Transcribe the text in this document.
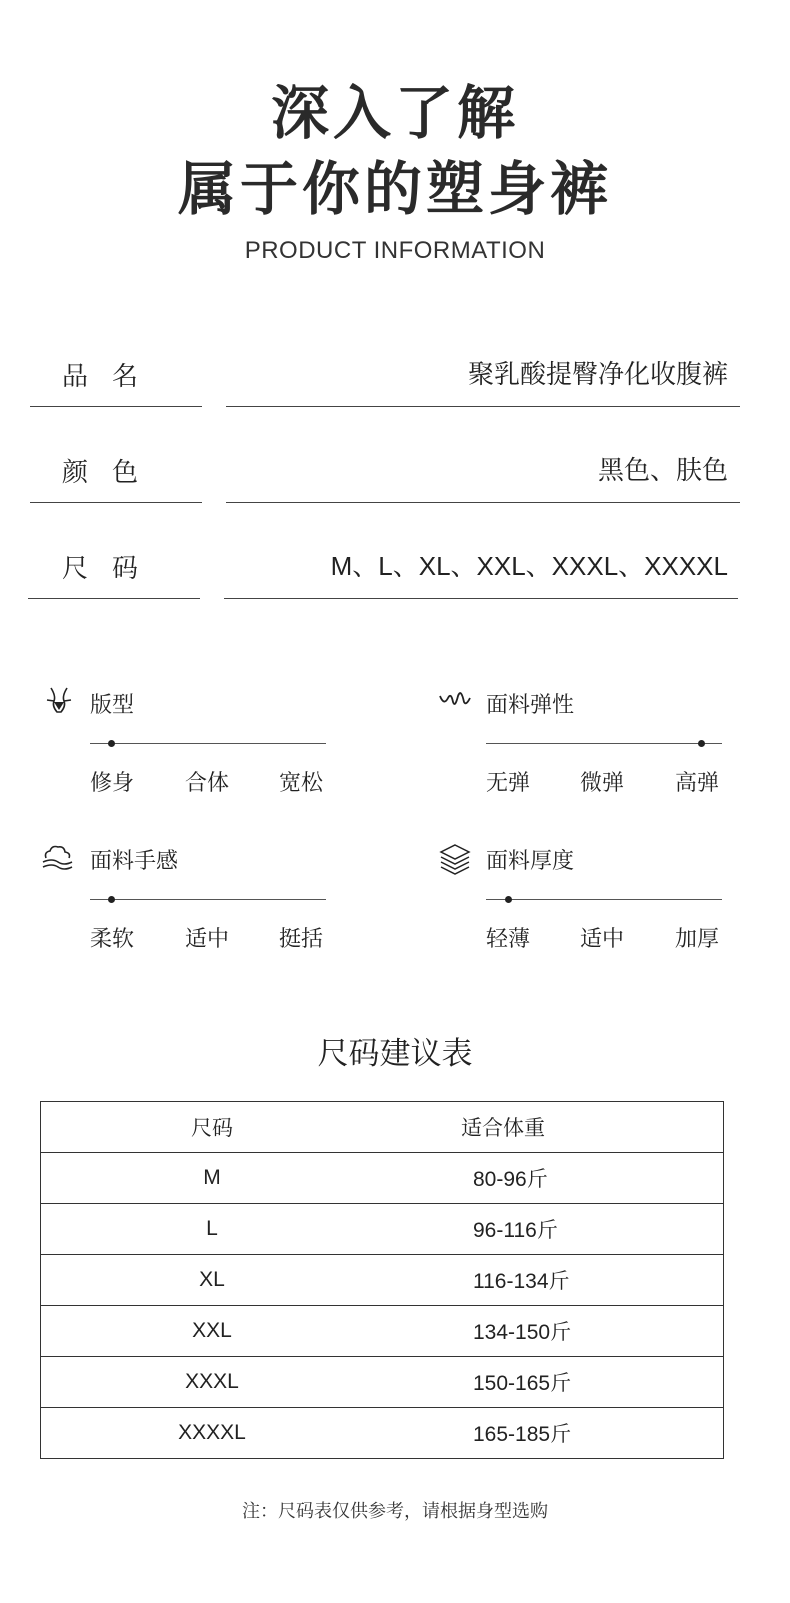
深入了解
属于你的塑身裤
PRODUCT INFORMATION
品名	聚乳酸提臀净化收腹裤
颜色	黑色、肤色
尺码	M、L、XL、XXL、XXXL、XXXXL
版型
修身 合体 宽松
面料弹性
无弹 微弹 高弹
面料手感
柔软 适中 挺括
面料厚度
轻薄 适中 加厚
尺码建议表
尺码	适合体重
M	80-96斤
L	96-116斤
XL	116-134斤
XXL	134-150斤
XXXL	150-165斤
XXXXL	165-185斤
注：尺码表仅供参考，请根据身型选购
